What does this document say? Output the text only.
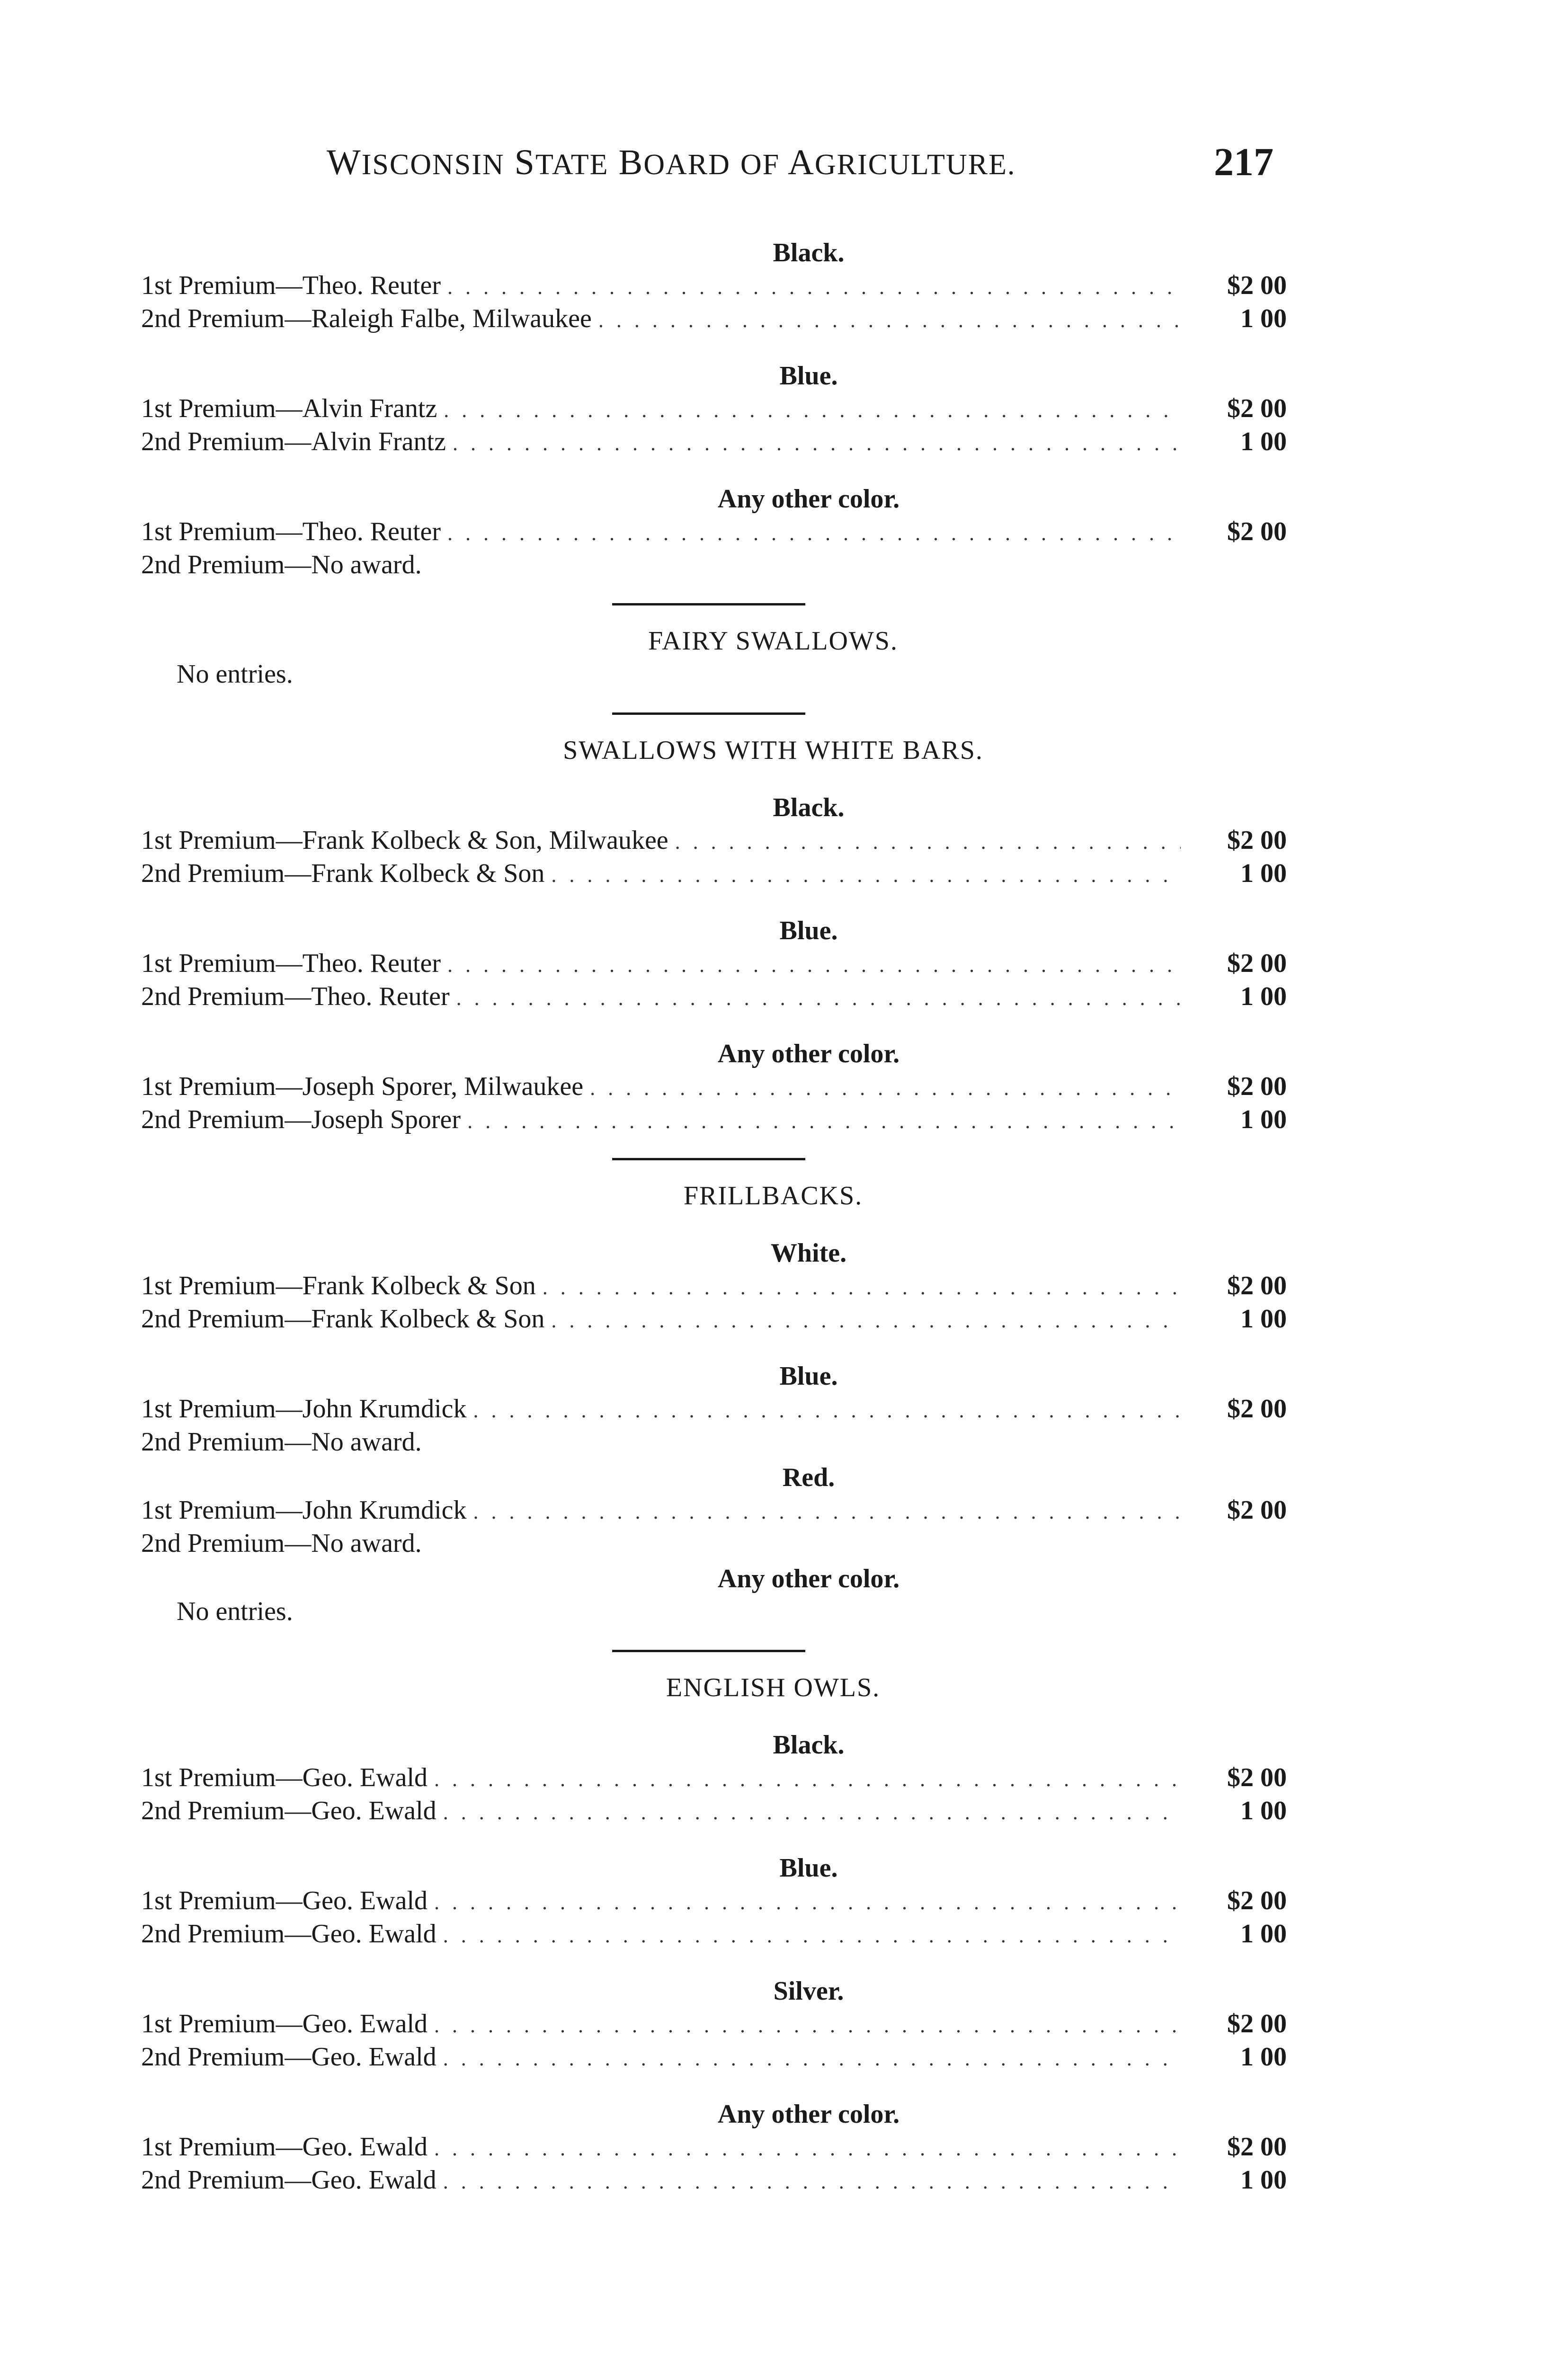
WISCONSIN STATE BOARD OF AGRICULTURE.	217
Black.
1st Premium—Theo. Reuter . . .	$2 00
2nd Premium—Raleigh Falbe, Milwaukee . . .	1 00
Blue.
1st Premium—Alvin Frantz . . .	$2 00
2nd Premium—Alvin Frantz . . .	1 00
Any other color.
1st Premium—Theo. Reuter . . .	$2 00
2nd Premium—No award.
FAIRY SWALLOWS.
No entries.
SWALLOWS WITH WHITE BARS.
Black.
1st Premium—Frank Kolbeck & Son, Milwaukee . . .	$2 00
2nd Premium—Frank Kolbeck & Son . . .	1 00
Blue.
1st Premium—Theo. Reuter . . .	$2 00
2nd Premium—Theo. Reuter . . .	1 00
Any other color.
1st Premium—Joseph Sporer, Milwaukee . . .	$2 00
2nd Premium—Joseph Sporer . . .	1 00
FRILLBACKS.
White.
1st Premium—Frank Kolbeck & Son . . .	$2 00
2nd Premium—Frank Kolbeck & Son . . .	1 00
Blue.
1st Premium—John Krumdick . . .	$2 00
2nd Premium—No award.
Red.
1st Premium—John Krumdick . . .	$2 00
2nd Premium—No award.
Any other color.
No entries.
ENGLISH OWLS.
Black.
1st Premium—Geo. Ewald . . .	$2 00
2nd Premium—Geo. Ewald . . .	1 00
Blue.
1st Premium—Geo. Ewald . . .	$2 00
2nd Premium—Geo. Ewald . . .	1 00
Silver.
1st Premium—Geo. Ewald . . .	$2 00
2nd Premium—Geo. Ewald . . .	1 00
Any other color.
1st Premium—Geo. Ewald . . .	$2 00
2nd Premium—Geo. Ewald . . .	1 00
